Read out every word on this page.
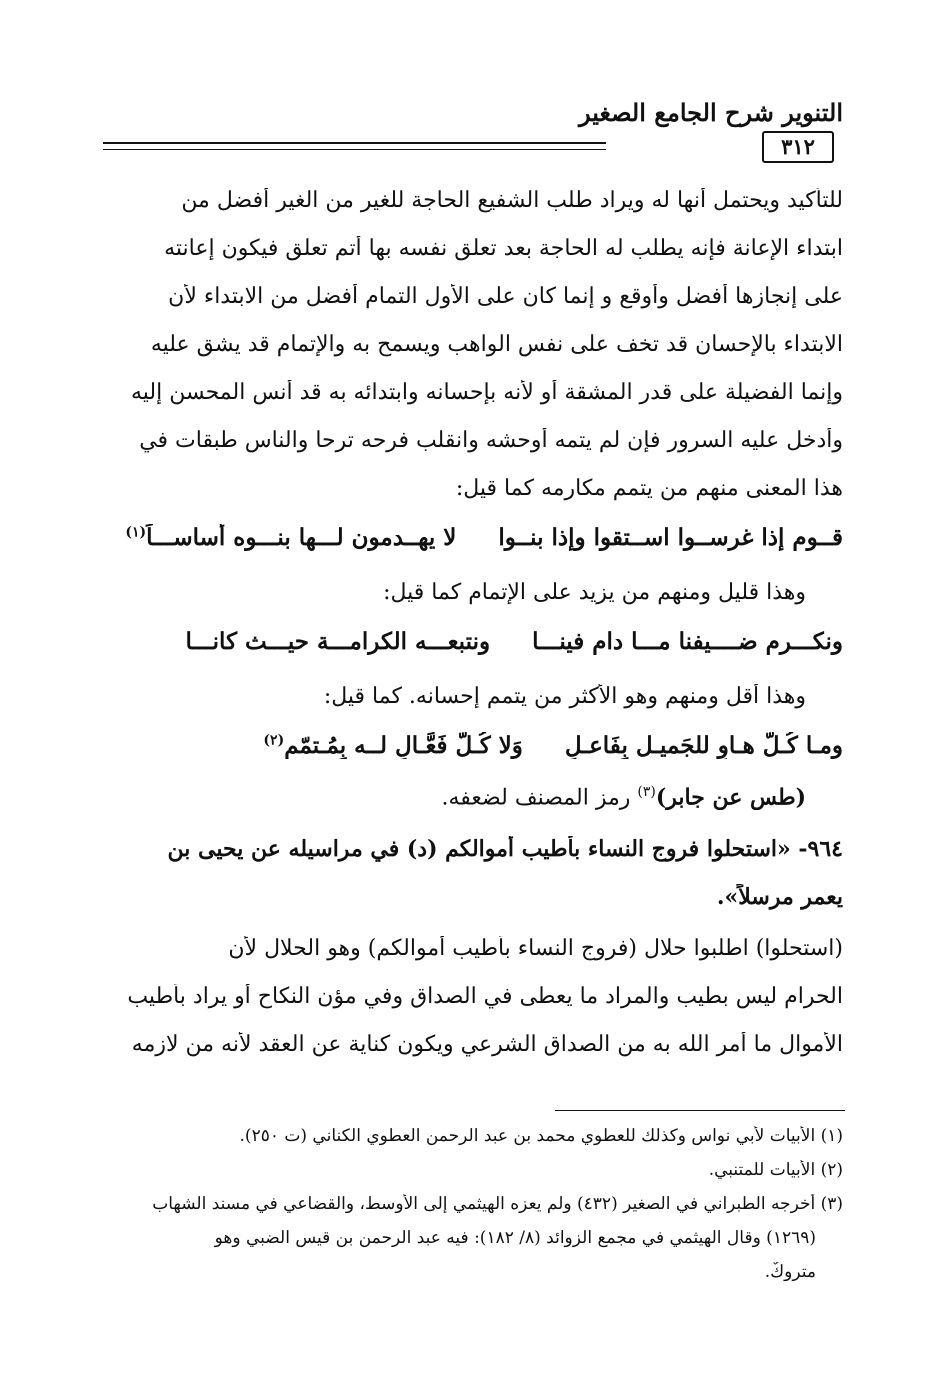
التنوير شرح الجامع الصغير
٣١٢
للتأكيد ويحتمل أنها له ويراد طلب الشفيع الحاجة للغير من الغير أفضل من
ابتداء الإعانة فإنه يطلب له الحاجة بعد تعلق نفسه بها أتم تعلق فيكون إعانته
على إنجازها أفضل وأوقع و إنما كان على الأول التمام أفضل من الابتداء لأن
الابتداء بالإحسان قد تخف على نفس الواهب ويسمح به والإتمام قد يشق عليه
وإنما الفضيلة على قدر المشقة أو لأنه بإحسانه وابتدائه به قد أنس المحسن إليه
وأدخل عليه السرور فإن لم يتمه أوحشه وانقلب فرحه ترحا والناس طبقات في
هذا المعنى منهم من يتمم مكارمه كما قيل:
قــوم إذا غرســوا اســتقوا وإذا بنــوا لا يهــدمون لـــها بنـــوه أساســـاً$^{(١)}$
وهذا قليل ومنهم من يزيد على الإتمام كما قيل:
ونكـــرم ضــــيفنا مـــا دام فينـــا ونتبعـــه الكرامـــة حيـــث كانـــا
وهذا أقل ومنهم وهو الأكثر من يتمم إحسانه. كما قيل:
ومـا كُـلُّ هـاوٍ للجَميـل بِفَاعـلٍ وَلا كُـلُّ فَعَّـالٍ لــه بِمُـتمّمِ$^{(٢)}$
(طس عن جابر)$^{(٣)}$ رمز المصنف لضعفه.
٩٦٤- «استحلوا فروج النساء بأطيب أموالكم (د) في مراسيله عن يحيى بن
يعمر مرسلاً».
(استحلوا) اطلبوا حلال (فروج النساء بأطيب أموالكم) وهو الحلال لأن
الحرام ليس بطيب والمراد ما يعطى في الصداق وفي مؤن النكاح أو يراد بأطيب
الأموال ما أمر الله به من الصداق الشرعي ويكون كناية عن العقد لأنه من لازمه
(١) الأبيات لأبي نواس وكذلك للعطوي محمد بن عبد الرحمن العطوي الكناني (ت ٢٥٠).
(٢) الأبيات للمتنبي.
(٣) أخرجه الطبراني في الصغير (٤٣٢) ولم يعزه الهيثمي إلى الأوسط، والقضاعي في مسند الشهاب
(١٢٦٩) وقال الهيثمي في مجمع الزوائد (٨/ ١٨٢): فيه عبد الرحمن بن قيس الضبي وهو
متروكٌ.
